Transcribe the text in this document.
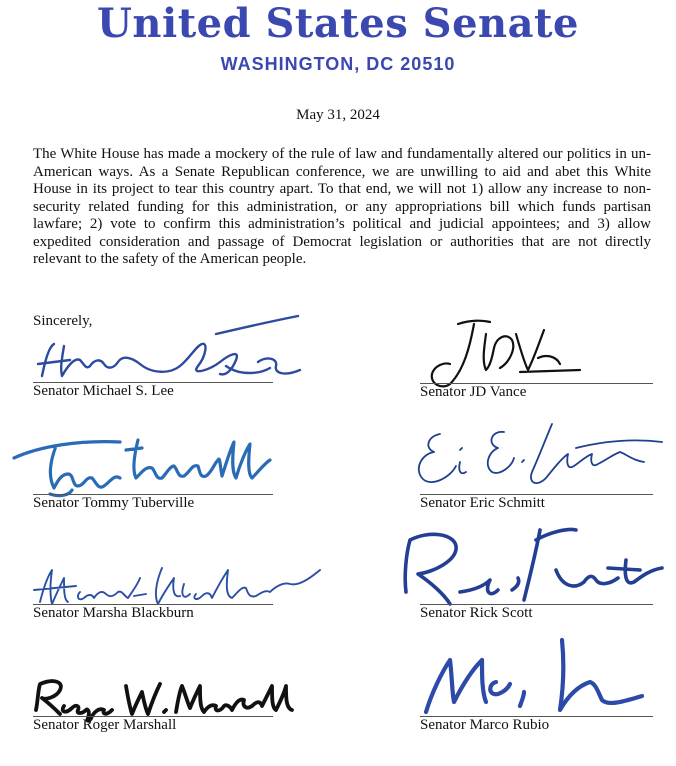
United States Senate
WASHINGTON, DC 20510
May 31, 2024
The White House has made a mockery of the rule of law and fundamentally altered our politics in un-American ways. As a Senate Republican conference, we are unwilling to aid and abet this White House in its project to tear this country apart. To that end, we will not 1) allow any increase to non-security related funding for this administration, or any appropriations bill which funds partisan lawfare; 2) vote to confirm this administration’s political and judicial appointees; and 3) allow expedited consideration and passage of Democrat legislation or authorities that are not directly relevant to the safety of the American people.
Sincerely,
Senator Michael S. Lee	Senator JD Vance
Senator Tommy Tuberville	Senator Eric Schmitt
Senator Marsha Blackburn	Senator Rick Scott
Senator Roger Marshall	Senator Marco Rubio
